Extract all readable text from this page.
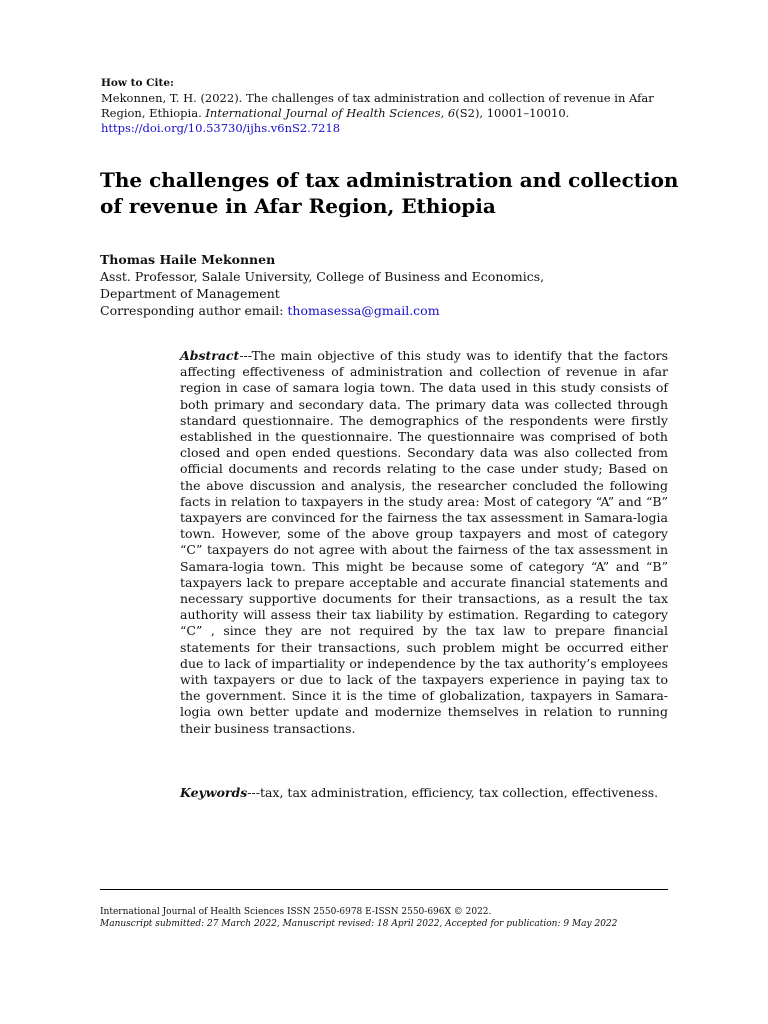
How to Cite:
Mekonnen, T. H. (2022). The challenges of tax administration and collection of revenue in Afar Region, Ethiopia. International Journal of Health Sciences, 6(S2), 10001–10010.
https://doi.org/10.53730/ijhs.v6nS2.7218
The challenges of tax administration and collection of revenue in Afar Region, Ethiopia
Thomas Haile Mekonnen
Asst. Professor, Salale University, College of Business and Economics,
Department of Management
Corresponding author email: thomasessa@gmail.com
Abstract---The main objective of this study was to identify that the factors affecting effectiveness of administration and collection of revenue in afar region in case of samara logia town. The data used in this study consists of both primary and secondary data. The primary data was collected through standard questionnaire. The demographics of the respondents were firstly established in the questionnaire. The questionnaire was comprised of both closed and open ended questions. Secondary data was also collected from official documents and records relating to the case under study; Based on the above discussion and analysis, the researcher concluded the following facts in relation to taxpayers in the study area: Most of category “A” and “B” taxpayers are convinced for the fairness the tax assessment in Samara-logia town. However, some of the above group taxpayers and most of category “C” taxpayers do not agree with about the fairness of the tax assessment in Samara-logia town. This might be because some of category “A” and “B” taxpayers lack to prepare acceptable and accurate financial statements and necessary supportive documents for their transactions, as a result the tax authority will assess their tax liability by estimation. Regarding to category “C” , since they are not required by the tax law to prepare financial statements for their transactions, such problem might be occurred either due to lack of impartiality or independence by the tax authority’s employees with taxpayers or due to lack of the taxpayers experience in paying tax to the government. Since it is the time of globalization, taxpayers in Samara-logia own better update and modernize themselves in relation to running their business transactions.
Keywords---tax, tax administration, efficiency, tax collection, effectiveness.
International Journal of Health Sciences ISSN 2550-6978 E-ISSN 2550-696X © 2022.
Manuscript submitted: 27 March 2022, Manuscript revised: 18 April 2022, Accepted for publication: 9 May 2022
